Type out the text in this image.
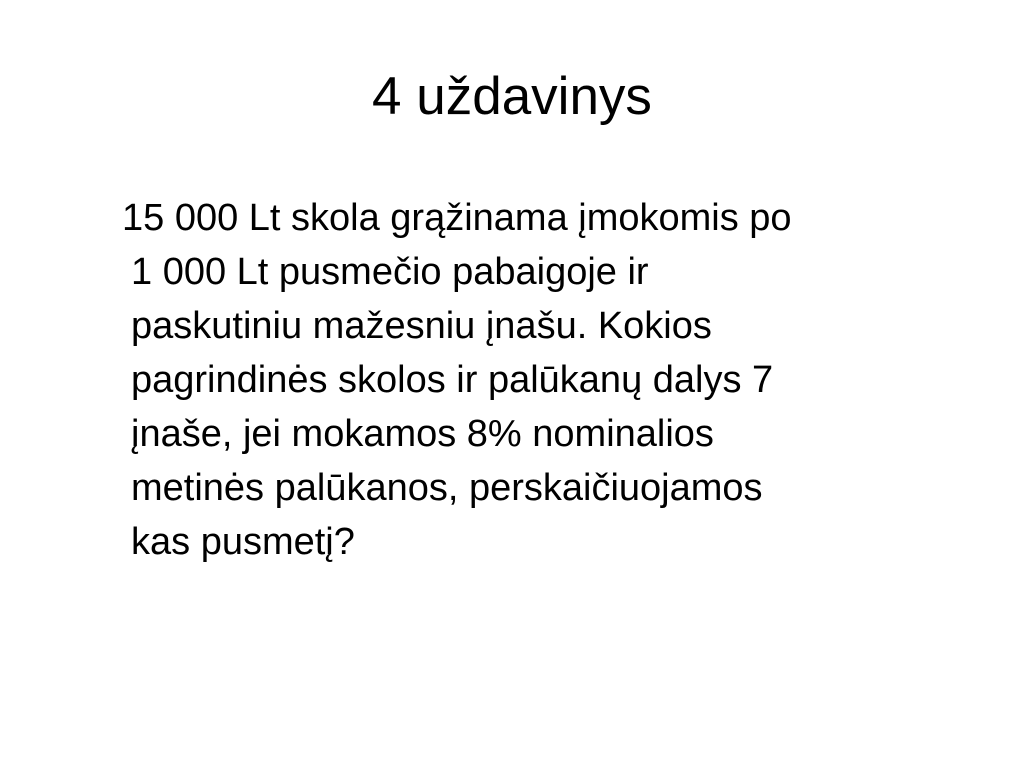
4 uždavinys
15 000 Lt skola grąžinama įmokomis po
1 000 Lt pusmečio pabaigoje ir
paskutiniu mažesniu įnašu. Kokios
pagrindinės skolos ir palūkanų dalys 7
įnaše, jei mokamos 8% nominalios
metinės palūkanos, perskaičiuojamos
kas pusmetį?
